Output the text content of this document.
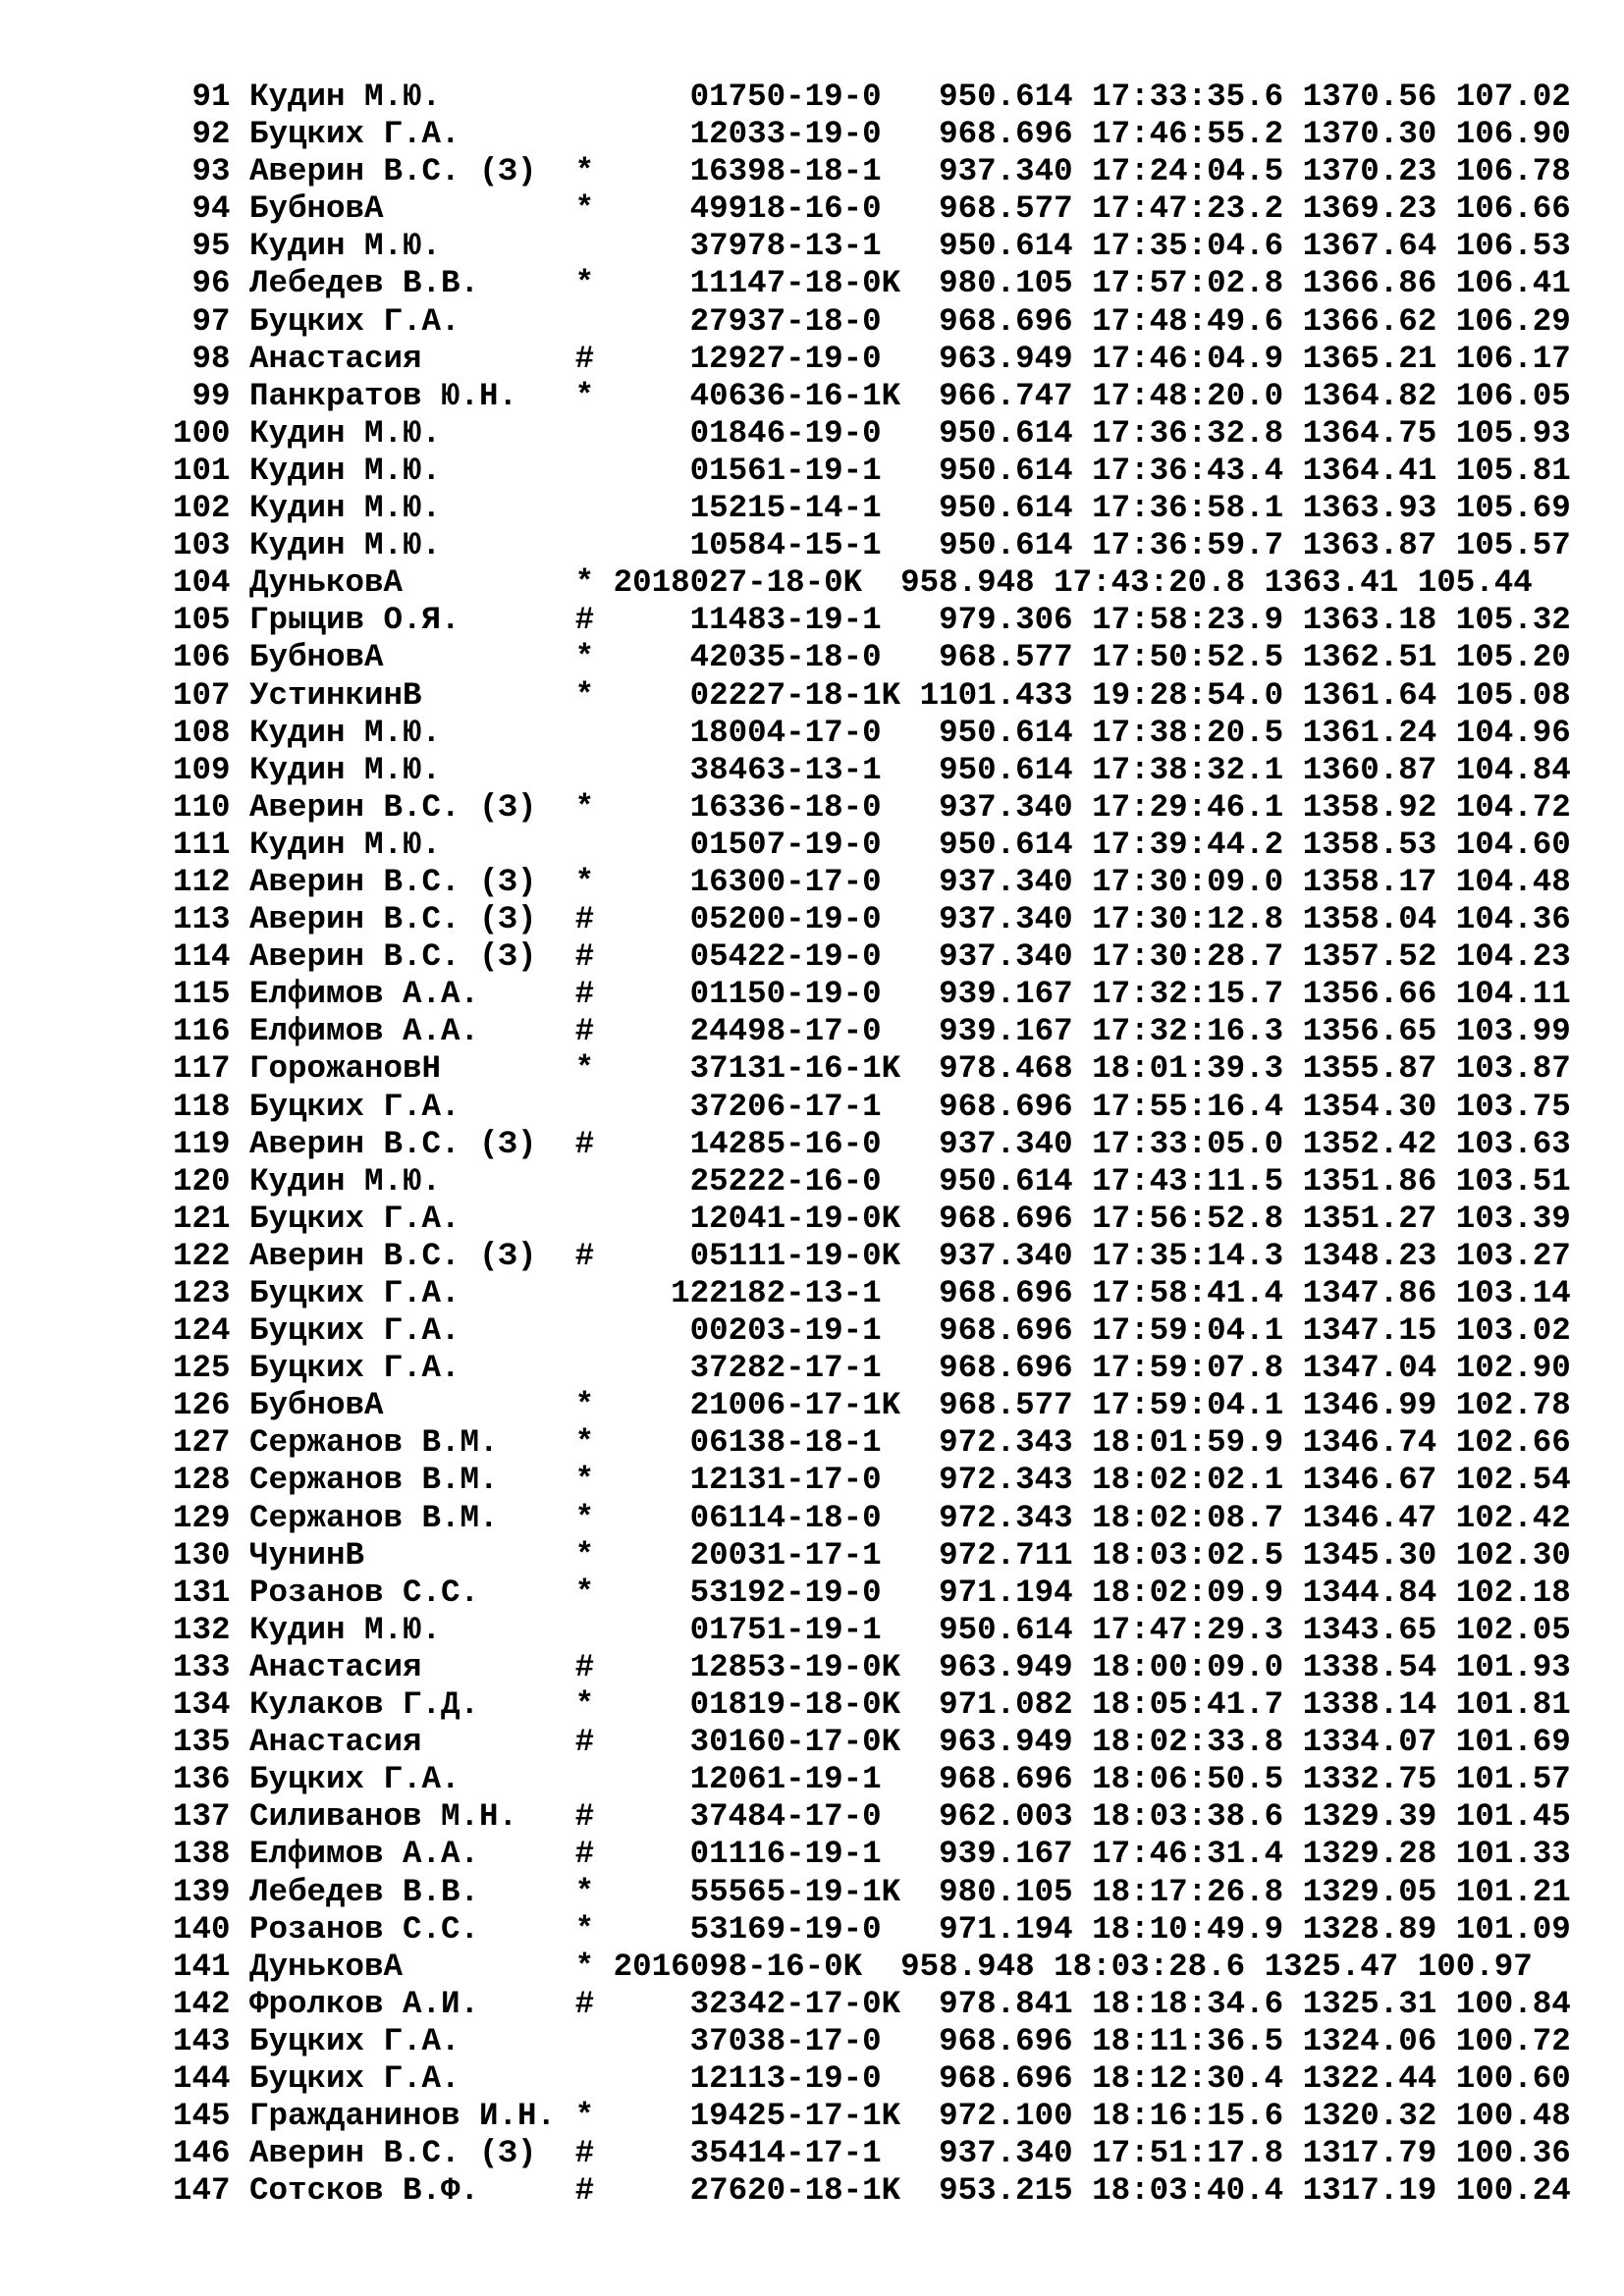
91 Кудин М.Ю.             01750-19-0   950.614 17:33:35.6 1370.56 107.02
92 Буцких Г.А.            12033-19-0   968.696 17:46:55.2 1370.30 106.90
93 Аверин В.С. (З)  *     16398-18-1   937.340 17:24:04.5 1370.23 106.78
94 БубновА          *     49918-16-0   968.577 17:47:23.2 1369.23 106.66
95 Кудин М.Ю.             37978-13-1   950.614 17:35:04.6 1367.64 106.53
96 Лебедев В.В.     *     11147-18-0K  980.105 17:57:02.8 1366.86 106.41
97 Буцких Г.А.            27937-18-0   968.696 17:48:49.6 1366.62 106.29
98 Анастасия        #     12927-19-0   963.949 17:46:04.9 1365.21 106.17
99 Панкратов Ю.Н.   *     40636-16-1K  966.747 17:48:20.0 1364.82 106.05
100 Кудин М.Ю.             01846-19-0   950.614 17:36:32.8 1364.75 105.93
101 Кудин М.Ю.             01561-19-1   950.614 17:36:43.4 1364.41 105.81
102 Кудин М.Ю.             15215-14-1   950.614 17:36:58.1 1363.93 105.69
103 Кудин М.Ю.             10584-15-1   950.614 17:36:59.7 1363.87 105.57
104 ДуньковА         * 2018027-18-0K  958.948 17:43:20.8 1363.41 105.44
105 Грыцив О.Я.      #     11483-19-1   979.306 17:58:23.9 1363.18 105.32
106 БубновА          *     42035-18-0   968.577 17:50:52.5 1362.51 105.20
107 УстинкинВ        *     02227-18-1K 1101.433 19:28:54.0 1361.64 105.08
108 Кудин М.Ю.             18004-17-0   950.614 17:38:20.5 1361.24 104.96
109 Кудин М.Ю.             38463-13-1   950.614 17:38:32.1 1360.87 104.84
110 Аверин В.С. (З)  *     16336-18-0   937.340 17:29:46.1 1358.92 104.72
111 Кудин М.Ю.             01507-19-0   950.614 17:39:44.2 1358.53 104.60
112 Аверин В.С. (З)  *     16300-17-0   937.340 17:30:09.0 1358.17 104.48
113 Аверин В.С. (З)  #     05200-19-0   937.340 17:30:12.8 1358.04 104.36
114 Аверин В.С. (З)  #     05422-19-0   937.340 17:30:28.7 1357.52 104.23
115 Елфимов А.А.     #     01150-19-0   939.167 17:32:15.7 1356.66 104.11
116 Елфимов А.А.     #     24498-17-0   939.167 17:32:16.3 1356.65 103.99
117 ГорожановН       *     37131-16-1K  978.468 18:01:39.3 1355.87 103.87
118 Буцких Г.А.            37206-17-1   968.696 17:55:16.4 1354.30 103.75
119 Аверин В.С. (З)  #     14285-16-0   937.340 17:33:05.0 1352.42 103.63
120 Кудин М.Ю.             25222-16-0   950.614 17:43:11.5 1351.86 103.51
121 Буцких Г.А.            12041-19-0K  968.696 17:56:52.8 1351.27 103.39
122 Аверин В.С. (З)  #     05111-19-0K  937.340 17:35:14.3 1348.23 103.27
123 Буцких Г.А.           122182-13-1   968.696 17:58:41.4 1347.86 103.14
124 Буцких Г.А.            00203-19-1   968.696 17:59:04.1 1347.15 103.02
125 Буцких Г.А.            37282-17-1   968.696 17:59:07.8 1347.04 102.90
126 БубновА          *     21006-17-1K  968.577 17:59:04.1 1346.99 102.78
127 Сержанов В.М.    *     06138-18-1   972.343 18:01:59.9 1346.74 102.66
128 Сержанов В.М.    *     12131-17-0   972.343 18:02:02.1 1346.67 102.54
129 Сержанов В.М.    *     06114-18-0   972.343 18:02:08.7 1346.47 102.42
130 ЧунинВ           *     20031-17-1   972.711 18:03:02.5 1345.30 102.30
131 Розанов С.С.     *     53192-19-0   971.194 18:02:09.9 1344.84 102.18
132 Кудин М.Ю.             01751-19-1   950.614 17:47:29.3 1343.65 102.05
133 Анастасия        #     12853-19-0K  963.949 18:00:09.0 1338.54 101.93
134 Кулаков Г.Д.     *     01819-18-0K  971.082 18:05:41.7 1338.14 101.81
135 Анастасия        #     30160-17-0K  963.949 18:02:33.8 1334.07 101.69
136 Буцких Г.А.            12061-19-1   968.696 18:06:50.5 1332.75 101.57
137 Силиванов М.Н.   #     37484-17-0   962.003 18:03:38.6 1329.39 101.45
138 Елфимов А.А.     #     01116-19-1   939.167 17:46:31.4 1329.28 101.33
139 Лебедев В.В.     *     55565-19-1K  980.105 18:17:26.8 1329.05 101.21
140 Розанов С.С.     *     53169-19-0   971.194 18:10:49.9 1328.89 101.09
141 ДуньковА         * 2016098-16-0K  958.948 18:03:28.6 1325.47 100.97
142 Фролков А.И.     #     32342-17-0K  978.841 18:18:34.6 1325.31 100.84
143 Буцких Г.А.            37038-17-0   968.696 18:11:36.5 1324.06 100.72
144 Буцких Г.А.            12113-19-0   968.696 18:12:30.4 1322.44 100.60
145 Гражданинов И.Н. *     19425-17-1K  972.100 18:16:15.6 1320.32 100.48
146 Аверин В.С. (З)  #     35414-17-1   937.340 17:51:17.8 1317.79 100.36
147 Сотсков В.Ф.     #     27620-18-1K  953.215 18:03:40.4 1317.19 100.24
